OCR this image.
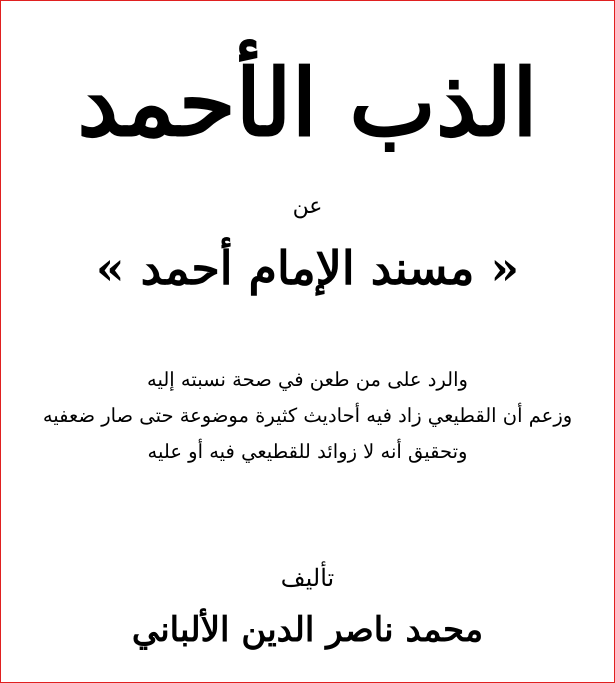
الذب الأحمد
عن
« مسند الإمام أحمد »
والرد على من طعن في صحة نسبته إليه
وزعم أن القطيعي زاد فيه أحاديث كثيرة موضوعة حتى صار ضعفيه
وتحقيق أنه لا زوائد للقطيعي فيه أو عليه
تأليف
محمد ناصر الدين الألباني
